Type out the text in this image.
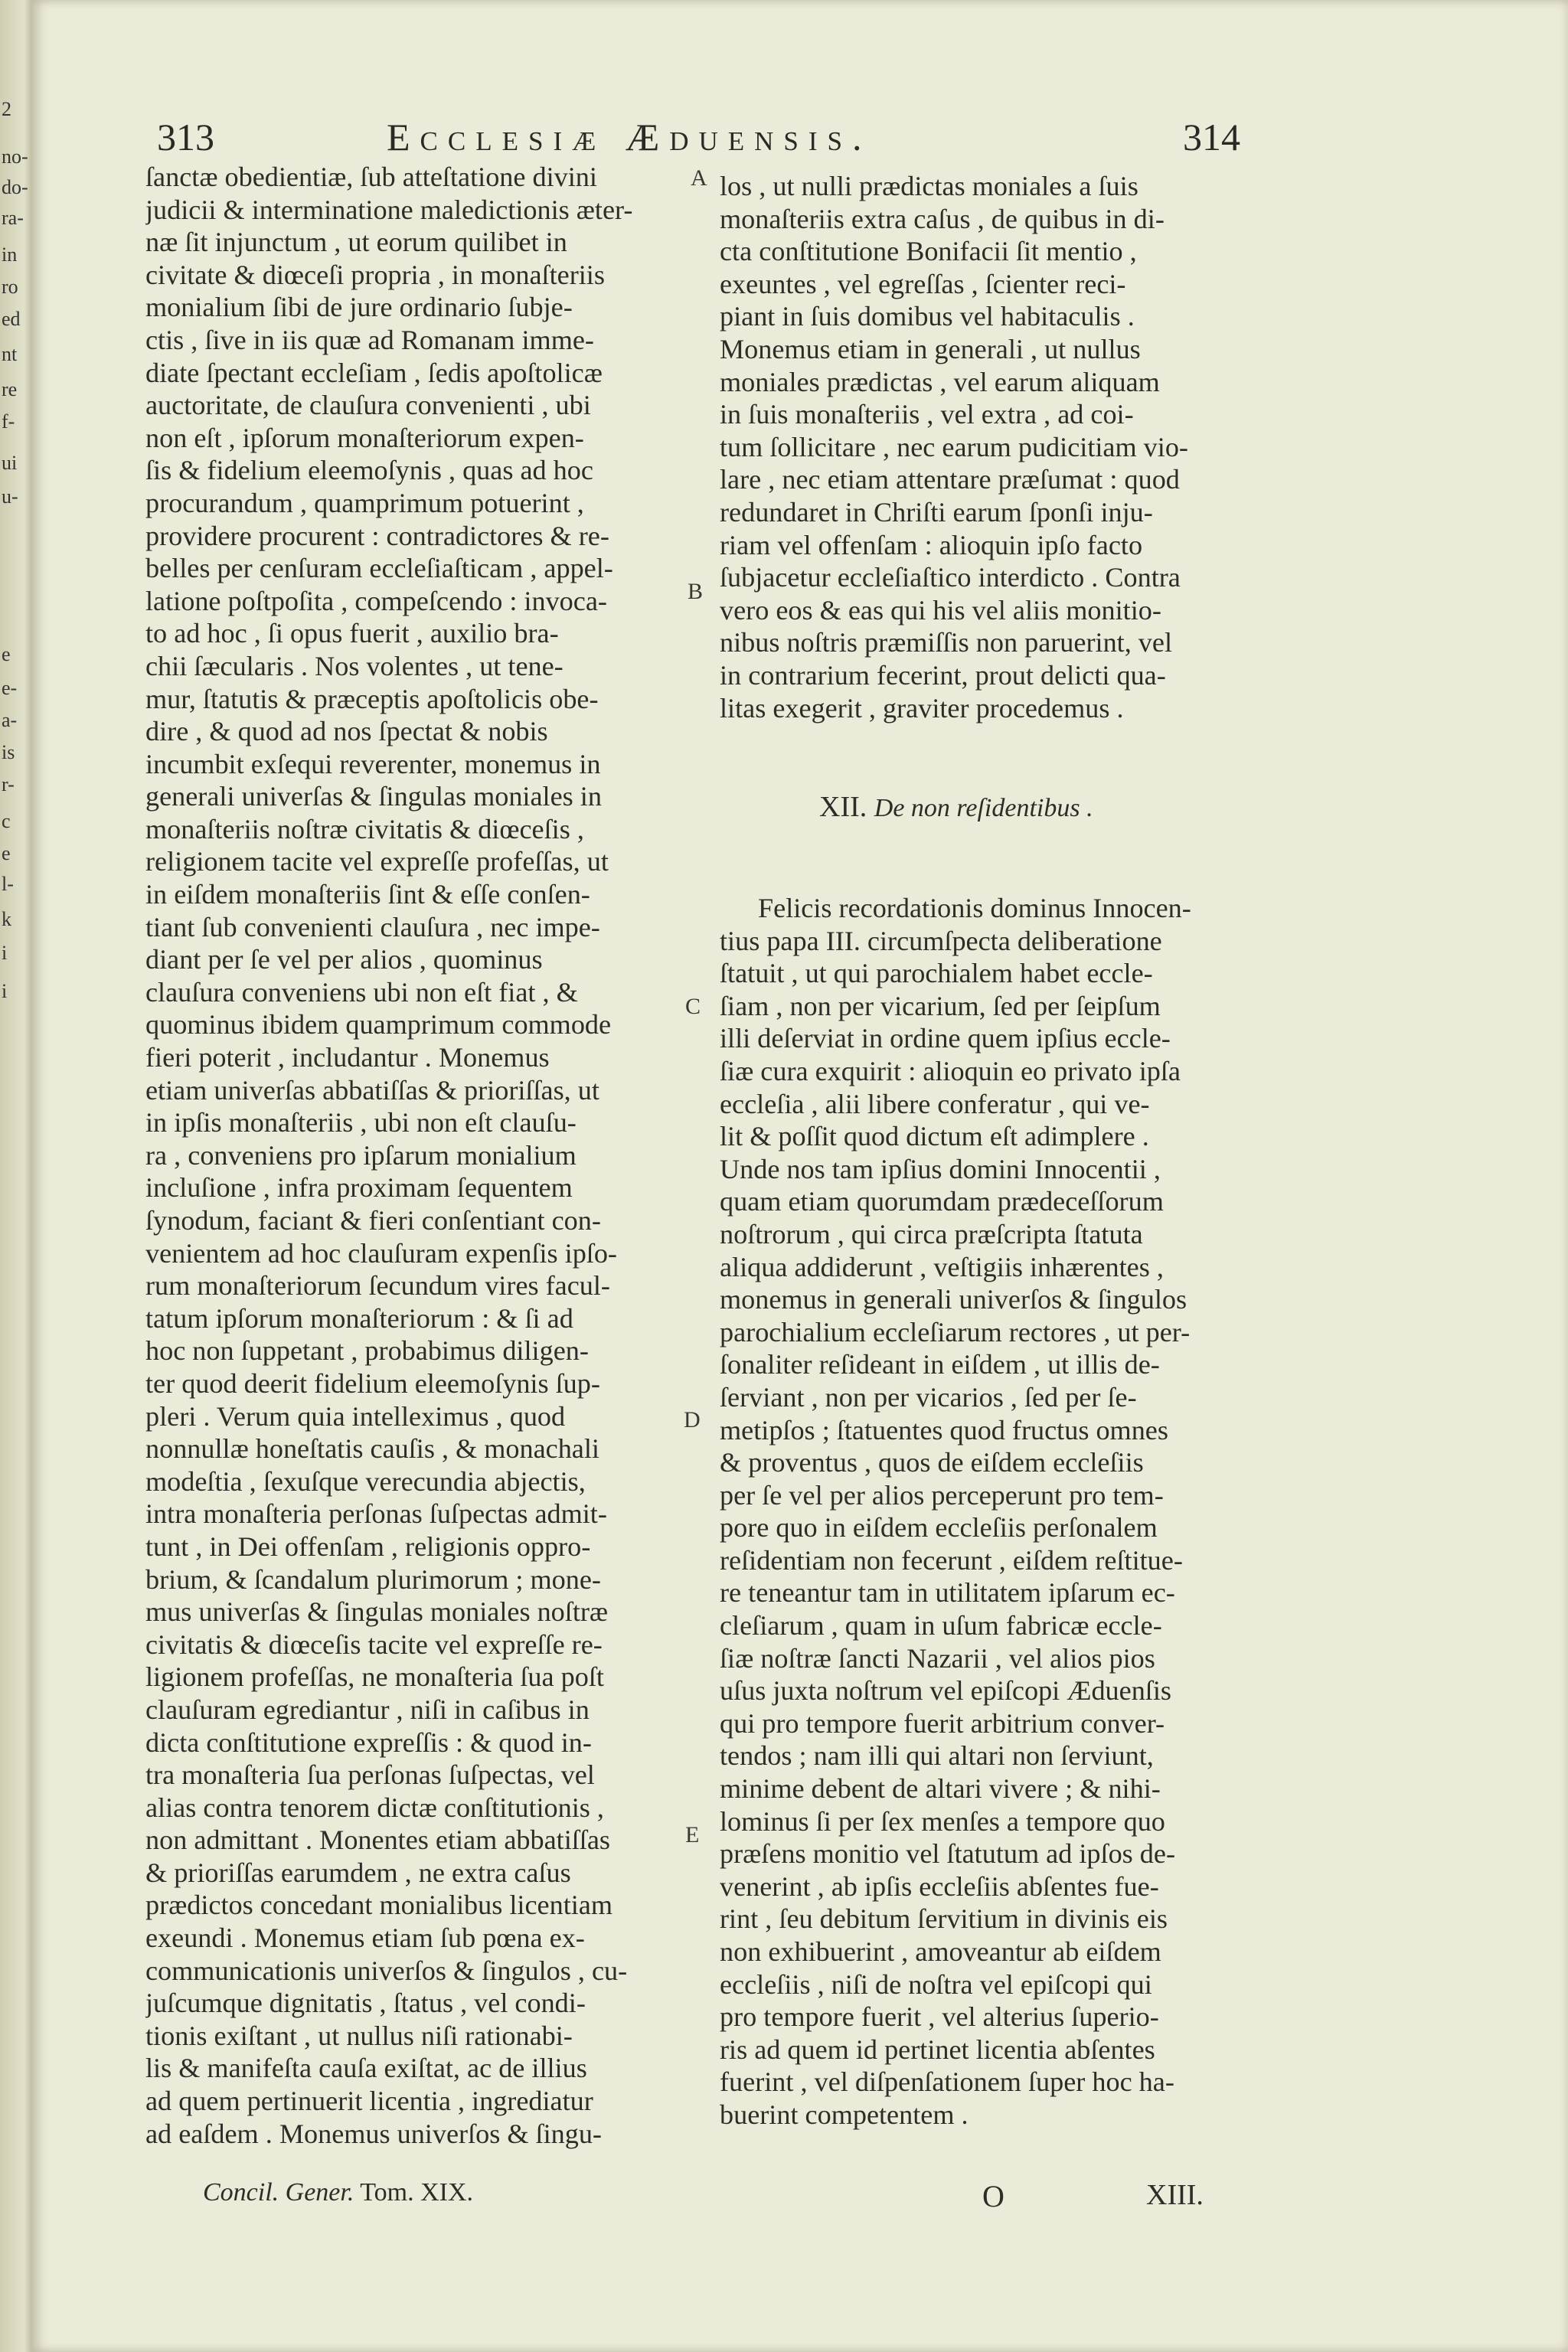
2
no-
do-
ra-
in
ro
ed
nt
re
f-
ui
u-
e
e-
a-
is
r-
c
e
l-
k
i
i
313	Ecclesiæ Æduensis.	314
ſanctæ obedientiæ, ſub atteſtatione divini
judicii & interminatione maledictionis æter-
næ ſit injunctum , ut eorum quilibet in
civitate & diœceſi propria , in monaſteriis
monialium ſibi de jure ordinario ſubje-
ctis , ſive in iis quæ ad Romanam imme-
diate ſpectant eccleſiam , ſedis apoſtolicæ
auctoritate, de clauſura convenienti , ubi
non eſt , ipſorum monaſteriorum expen-
ſis & fidelium eleemoſynis , quas ad hoc
procurandum , quamprimum potuerint ,
providere procurent : contradictores & re-
belles per cenſuram eccleſiaſticam , appel-
latione poſtpoſita , compeſcendo : invoca-
to ad hoc , ſi opus fuerit , auxilio bra-
chii ſæcularis . Nos volentes , ut tene-
mur, ſtatutis & præceptis apoſtolicis obe-
dire , & quod ad nos ſpectat & nobis
incumbit exſequi reverenter, monemus in
generali univerſas & ſingulas moniales in
monaſteriis noſtræ civitatis & diœceſis ,
religionem tacite vel expreſſe profeſſas, ut
in eiſdem monaſteriis ſint & eſſe conſen-
tiant ſub convenienti clauſura , nec impe-
diant per ſe vel per alios , quominus
clauſura conveniens ubi non eſt fiat , &
quominus ibidem quamprimum commode
fieri poterit , includantur . Monemus
etiam univerſas abbatiſſas & prioriſſas, ut
in ipſis monaſteriis , ubi non eſt clauſu-
ra , conveniens pro ipſarum monialium
incluſione , infra proximam ſequentem
ſynodum, faciant & fieri conſentiant con-
venientem ad hoc clauſuram expenſis ipſo-
rum monaſteriorum ſecundum vires facul-
tatum ipſorum monaſteriorum : & ſi ad
hoc non ſuppetant , probabimus diligen-
ter quod deerit fidelium eleemoſynis ſup-
pleri . Verum quia intelleximus , quod
nonnullæ honeſtatis cauſis , & monachali
modeſtia , ſexuſque verecundia abjectis,
intra monaſteria perſonas ſuſpectas admit-
tunt , in Dei offenſam , religionis oppro-
brium, & ſcandalum plurimorum ; mone-
mus univerſas & ſingulas moniales noſtræ
civitatis & diœceſis tacite vel expreſſe re-
ligionem profeſſas, ne monaſteria ſua poſt
clauſuram egrediantur , niſi in caſibus in
dicta conſtitutione expreſſis : & quod in-
tra monaſteria ſua perſonas ſuſpectas, vel
alias contra tenorem dictæ conſtitutionis ,
non admittant . Monentes etiam abbatiſſas
& prioriſſas earumdem , ne extra caſus
prædictos concedant monialibus licentiam
exeundi . Monemus etiam ſub pœna ex-
communicationis univerſos & ſingulos , cu-
juſcumque dignitatis , ſtatus , vel condi-
tionis exiſtant , ut nullus niſi rationabi-
lis & manifeſta cauſa exiſtat, ac de illius
ad quem pertinuerit licentia , ingrediatur
ad eaſdem . Monemus univerſos & ſingu-
los , ut nulli prædictas moniales a ſuis
monaſteriis extra caſus , de quibus in di-
cta conſtitutione Bonifacii ſit mentio ,
exeuntes , vel egreſſas , ſcienter reci-
piant in ſuis domibus vel habitaculis .
Monemus etiam in generali , ut nullus
moniales prædictas , vel earum aliquam
in ſuis monaſteriis , vel extra , ad coi-
tum ſollicitare , nec earum pudicitiam vio-
lare , nec etiam attentare præſumat : quod
redundaret in Chriſti earum ſponſi inju-
riam vel offenſam : alioquin ipſo facto
ſubjacetur eccleſiaſtico interdicto . Contra
vero eos & eas qui his vel aliis monitio-
nibus noſtris præmiſſis non paruerint, vel
in contrarium fecerint, prout delicti qua-
litas exegerit , graviter procedemus .
XII. De non reſidentibus .
Felicis recordationis dominus Innocen-
tius papa III. circumſpecta deliberatione
ſtatuit , ut qui parochialem habet eccle-
ſiam , non per vicarium, ſed per ſeipſum
illi deſerviat in ordine quem ipſius eccle-
ſiæ cura exquirit : alioquin eo privato ipſa
eccleſia , alii libere conferatur , qui ve-
lit & poſſit quod dictum eſt adimplere .
Unde nos tam ipſius domini Innocentii ,
quam etiam quorumdam prædeceſſorum
noſtrorum , qui circa præſcripta ſtatuta
aliqua addiderunt , veſtigiis inhærentes ,
monemus in generali univerſos & ſingulos
parochialium eccleſiarum rectores , ut per-
ſonaliter reſideant in eiſdem , ut illis de-
ſerviant , non per vicarios , ſed per ſe-
metipſos ; ſtatuentes quod fructus omnes
& proventus , quos de eiſdem eccleſiis
per ſe vel per alios perceperunt pro tem-
pore quo in eiſdem eccleſiis perſonalem
reſidentiam non fecerunt , eiſdem reſtitue-
re teneantur tam in utilitatem ipſarum ec-
cleſiarum , quam in uſum fabricæ eccle-
ſiæ noſtræ ſancti Nazarii , vel alios pios
uſus juxta noſtrum vel epiſcopi Æduenſis
qui pro tempore fuerit arbitrium conver-
tendos ; nam illi qui altari non ſerviunt,
minime debent de altari vivere ; & nihi-
lominus ſi per ſex menſes a tempore quo
præſens monitio vel ſtatutum ad ipſos de-
venerint , ab ipſis eccleſiis abſentes fue-
rint , ſeu debitum ſervitium in divinis eis
non exhibuerint , amoveantur ab eiſdem
eccleſiis , niſi de noſtra vel epiſcopi qui
pro tempore fuerit , vel alterius ſuperio-
ris ad quem id pertinet licentia abſentes
fuerint , vel diſpenſationem ſuper hoc ha-
buerint competentem .
A
B
C
D
E
Concil. Gener. Tom. XIX.	O	XIII.
